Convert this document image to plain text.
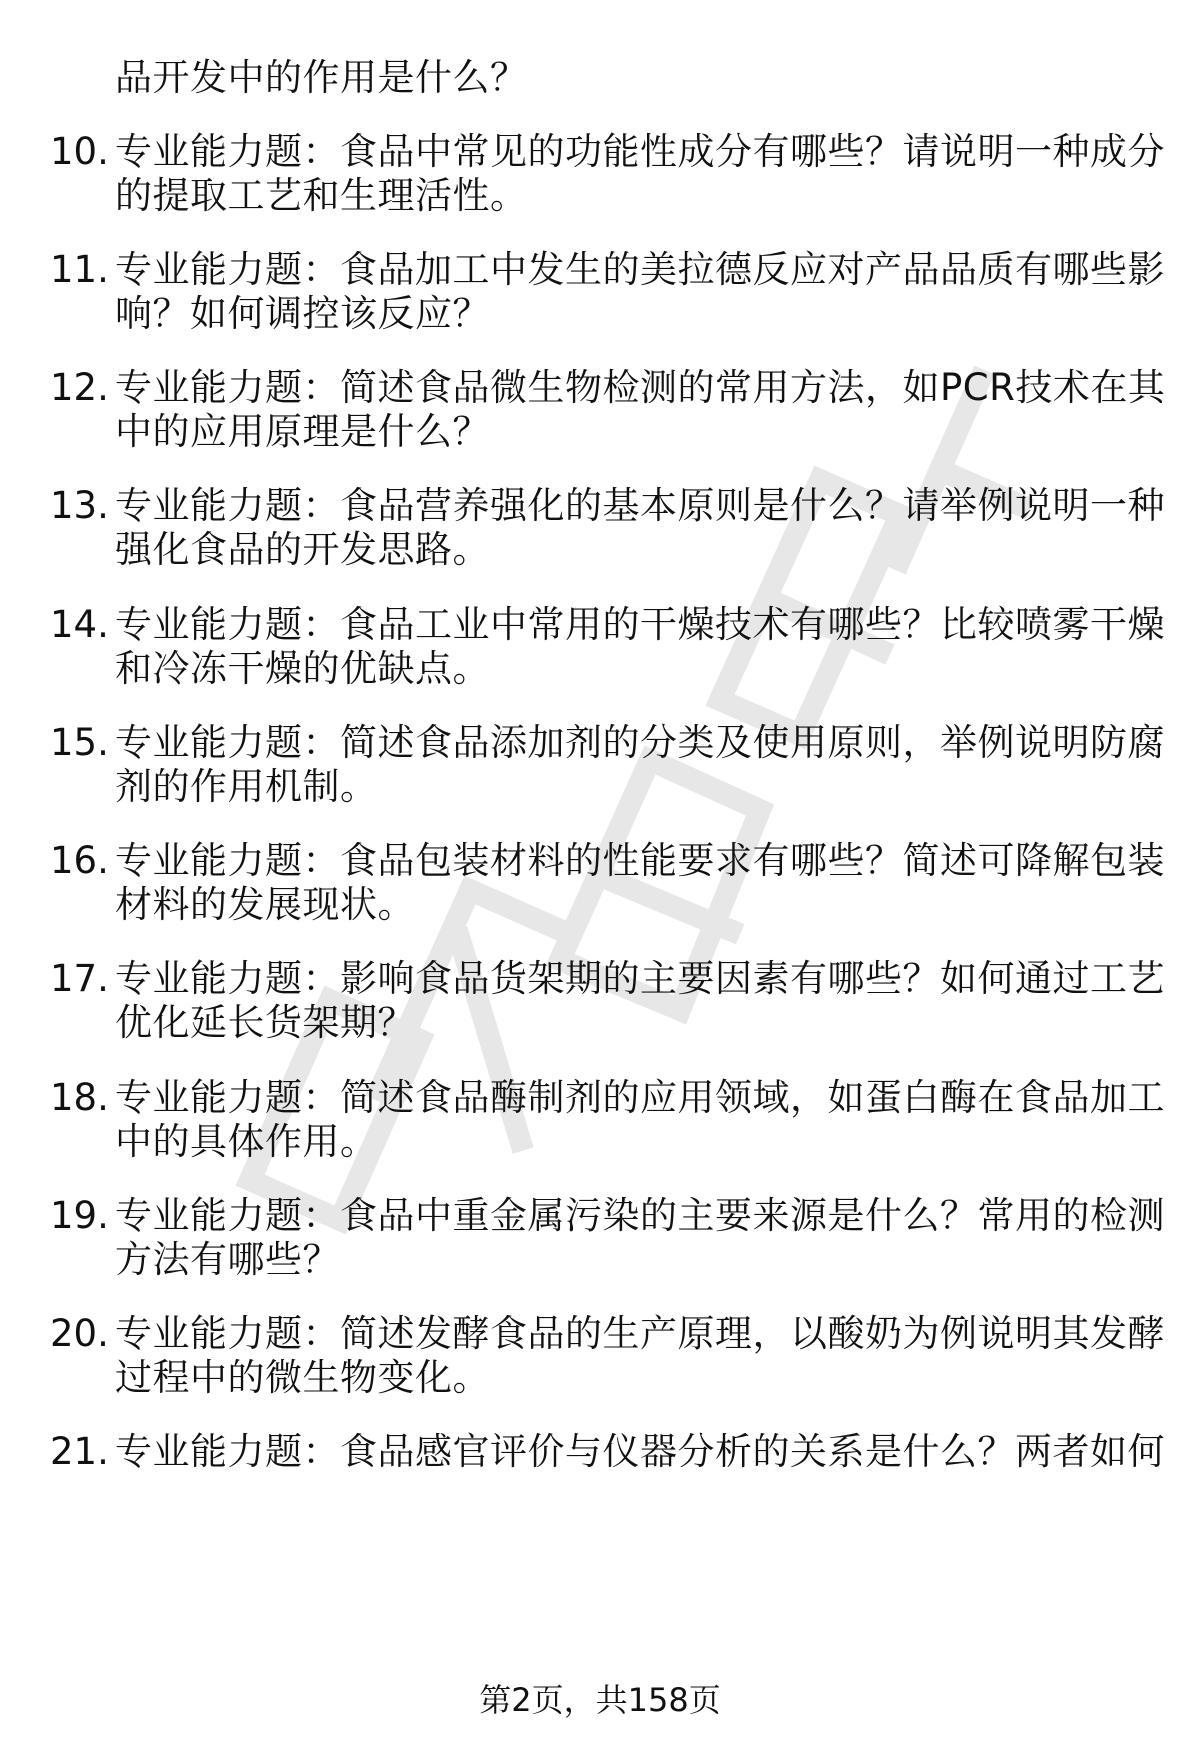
品开发中的作用是什么？
10. 专业能力题：食品中常见的功能性成分有哪些？请说明一种成分
的提取工艺和生理活性。
11. 专业能力题：食品加工中发生的美拉德反应对产品品质有哪些影
响？如何调控该反应？
12. 专业能力题：简述食品微生物检测的常用方法，如PCR技术在其
中的应用原理是什么？
13. 专业能力题：食品营养强化的基本原则是什么？请举例说明一种
强化食品的开发思路。
14. 专业能力题：食品工业中常用的干燥技术有哪些？比较喷雾干燥
和冷冻干燥的优缺点。
15. 专业能力题：简述食品添加剂的分类及使用原则，举例说明防腐
剂的作用机制。
16. 专业能力题：食品包装材料的性能要求有哪些？简述可降解包装
材料的发展现状。
17. 专业能力题：影响食品货架期的主要因素有哪些？如何通过工艺
优化延长货架期？
18. 专业能力题：简述食品酶制剂的应用领域，如蛋白酶在食品加工
中的具体作用。
19. 专业能力题：食品中重金属污染的主要来源是什么？常用的检测
方法有哪些？
20. 专业能力题：简述发酵食品的生产原理，以酸奶为例说明其发酵
过程中的微生物变化。
21. 专业能力题：食品感官评价与仪器分析的关系是什么？两者如何
第2页，共158页
